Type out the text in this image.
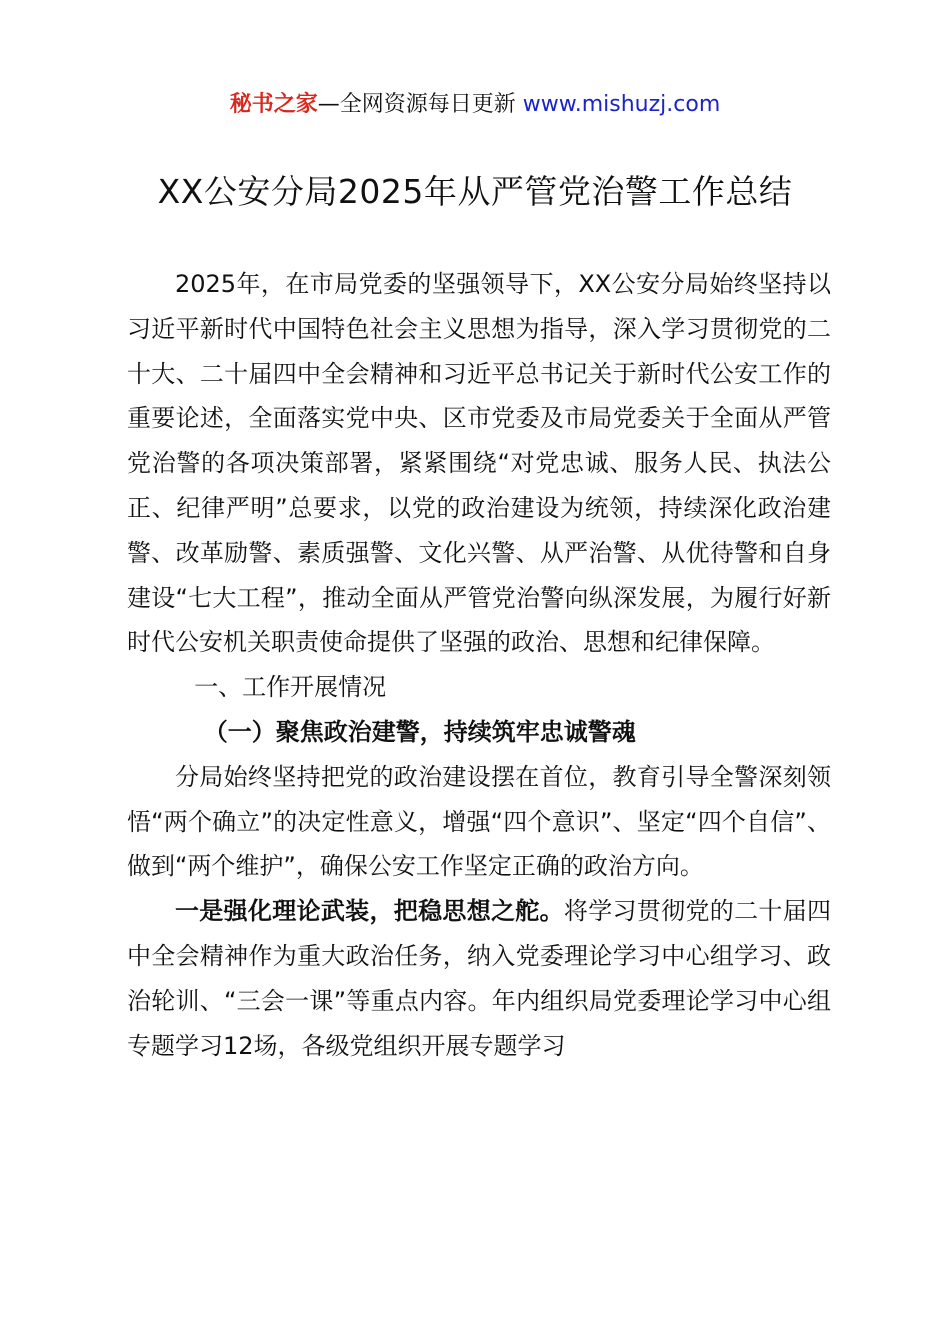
秘书之家—全网资源每日更新 www.mishuzj.com
XX公安分局2025年从严管党治警工作总结

2025年，在市局党委的坚强领导下，XX公安分局始终坚持以习近平新时代中国特色社会主义思想为指导，深入学习贯彻党的二十大、二十届四中全会精神和习近平总书记关于新时代公安工作的重要论述，全面落实党中央、区市党委及市局党委关于全面从严管党治警的各项决策部署，紧紧围绕“对党忠诚、服务人民、执法公正、纪律严明”总要求，以党的政治建设为统领，持续深化政治建警、改革励警、素质强警、文化兴警、从严治警、从优待警和自身建设“七大工程”，推动全面从严管党治警向纵深发展，为履行好新时代公安机关职责使命提供了坚强的政治、思想和纪律保障。

一、工作开展情况

（一）聚焦政治建警，持续筑牢忠诚警魂

分局始终坚持把党的政治建设摆在首位，教育引导全警深刻领悟“两个确立”的决定性意义，增强“四个意识”、坚定“四个自信”、做到“两个维护”，确保公安工作坚定正确的政治方向。

一是强化理论武装，把稳思想之舵。将学习贯彻党的二十届四中全会精神作为重大政治任务，纳入党委理论学习中心组学习、政治轮训、“三会一课”等重点内容。年内组织局党委理论学习中心组专题学习12场，各级党组织开展专题学习
